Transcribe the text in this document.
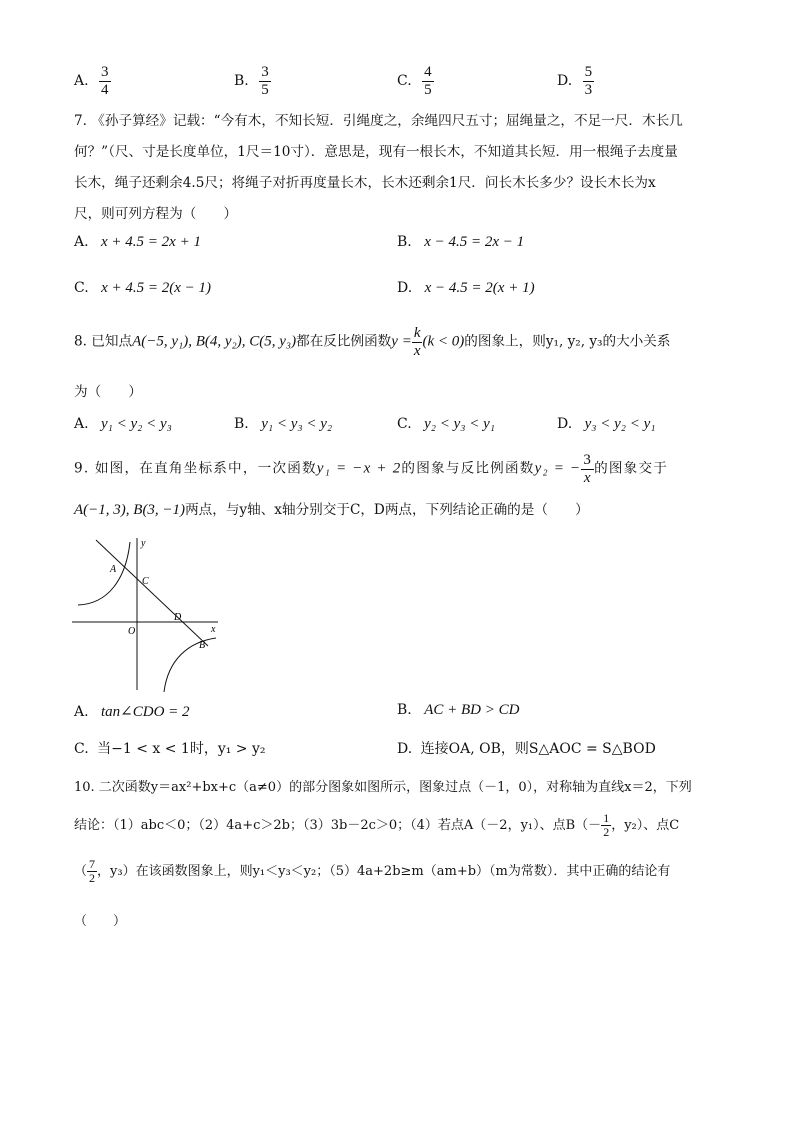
A. $\frac{3}{4}$	B. $\frac{3}{5}$	C. $\frac{4}{5}$	D. $\frac{5}{3}$
7. 《孙子算经》记载：“今有木，不知长短．引绳度之，余绳四尺五寸；屈绳量之，不足一尺．木长几
何？”（尺、寸是长度单位，1尺＝10寸）．意思是，现有一根长木，不知道其长短．用一根绳子去度量
长木，绳子还剩余4.5尺；将绳子对折再度量长木，长木还剩余1尺．问长木长多少？设长木长为x
尺，则可列方程为（　　）
A. x + 4.5 = 2x + 1	B. x − 4.5 = 2x − 1
C. x + 4.5 = 2(x − 1)	D. x − 4.5 = 2(x + 1)
8. 已知点A(−5, y₁), B(4, y₂), C(5, y₃)都在反比例函数$y = \frac{k}{x} (k < 0)$的图象上，则y₁, y₂, y₃的大小关系
为（　　）
A. y₁ < y₂ < y₃	B. y₁ < y₃ < y₂	C. y₂ < y₃ < y₁	D. y₃ < y₂ < y₁
9. 如图，在直角坐标系中，一次函数y₁ = −x + 2的图象与反比例函数y₂ = − $\frac{3}{x}$ 的图象交于
A(−1, 3), B(3, −1)两点，与y轴、x轴分别交于C，D两点，下列结论正确的是（　　）
y
x
A
C
D
O
B
A. tan∠CDO = 2	B. AC + BD > CD
C. 当−1 < x < 1时，y₁ > y₂	D. 连接OA, OB，则S△AOC = S△BOD
10. 二次函数y＝ax²+bx+c（a≠0）的部分图象如图所示，图象过点（－1，0），对称轴为直线x＝2，下列
结论：（1）abc＜0；（2）4a+c＞2b；（3）3b－2c＞0；（4）若点A（－2，y₁）、点$B(- \frac{1}{2}$ ，y₂）、点C
（ $\frac{7}{2}$ ，y₃）在该函数图象上，则y₁＜y₃＜y₂；（5）4a+2b≥m（am+b）（m为常数）．其中正确的结论有
（　　）
